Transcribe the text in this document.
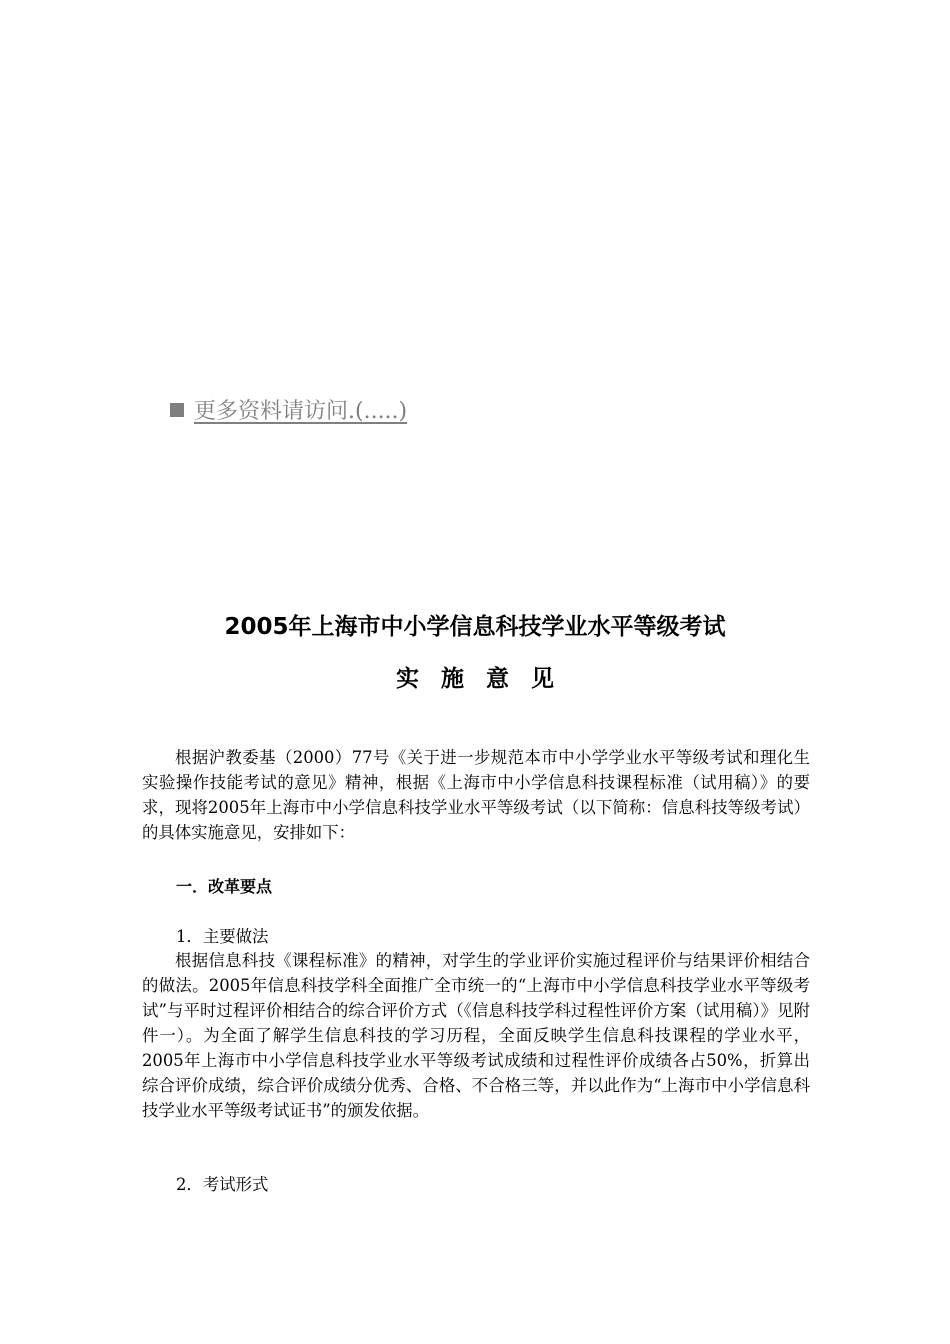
更多资料请访问.(.....)
2005年上海市中小学信息科技学业水平等级考试
实施意见

根据沪教委基（2000）77号《关于进一步规范本市中小学学业水平等级考试和理化生实验操作技能考试的意见》精神，根据《上海市中小学信息科技课程标准（试用稿）》的要求，现将2005年上海市中小学信息科技学业水平等级考试（以下简称：信息科技等级考试）的具体实施意见，安排如下：

一．改革要点

1．主要做法

根据信息科技《课程标准》的精神，对学生的学业评价实施过程评价与结果评价相结合的做法。2005年信息科技学科全面推广全市统一的“上海市中小学信息科技学业水平等级考试”与平时过程评价相结合的综合评价方式（《信息科技学科过程性评价方案（试用稿）》见附件一）。为全面了解学生信息科技的学习历程，全面反映学生信息科技课程的学业水平，2005年上海市中小学信息科技学业水平等级考试成绩和过程性评价成绩各占50%，折算出综合评价成绩，综合评价成绩分优秀、合格、不合格三等，并以此作为“上海市中小学信息科技学业水平等级考试证书”的颁发依据。

2．考试形式
